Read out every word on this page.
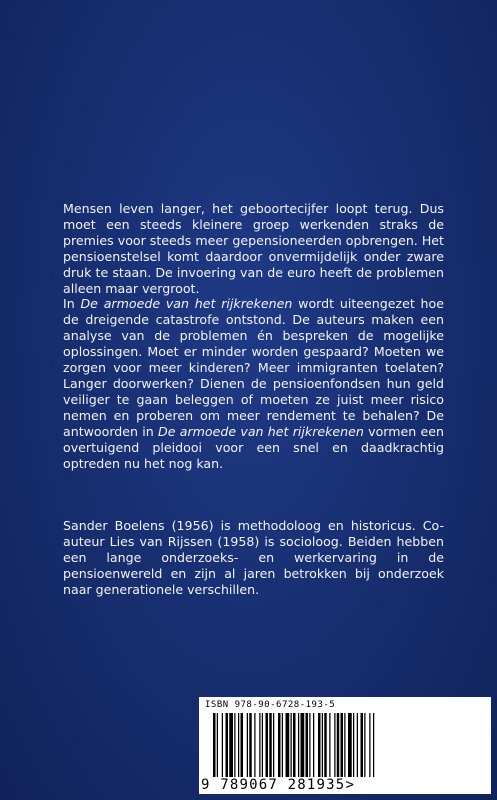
Mensen leven langer, het geboortecijfer loopt terug. Dus moet een steeds kleinere groep werkenden straks de premies voor steeds meer gepensioneerden opbrengen. Het pensioenstelsel komt daardoor onvermijdelijk onder zware druk te staan. De invoering van de euro heeft de problemen alleen maar vergroot.

In De armoede van het rijkrekenen wordt uiteengezet hoe de dreigende catastrofe ontstond. De auteurs maken een analyse van de problemen én bespreken de mogelijke oplossingen. Moet er minder worden gespaard? Moeten we zorgen voor meer kinderen? Meer immigranten toelaten? Langer doorwerken? Dienen de pensioenfondsen hun geld veiliger te gaan beleggen of moeten ze juist meer risico nemen en proberen om meer rendement te behalen? De antwoorden in De armoede van het rijkrekenen vormen een overtuigend pleidooi voor een snel en daadkrachtig optreden nu het nog kan.

Sander Boelens (1956) is methodoloog en historicus. Co-auteur Lies van Rijssen (1958) is socioloog. Beiden hebben een lange onderzoeks- en werkervaring in de pensioenwereld en zijn al jaren betrokken bij onderzoek naar generationele verschillen.

ISBN 978-90-6728-193-5
9 789067 281935>
